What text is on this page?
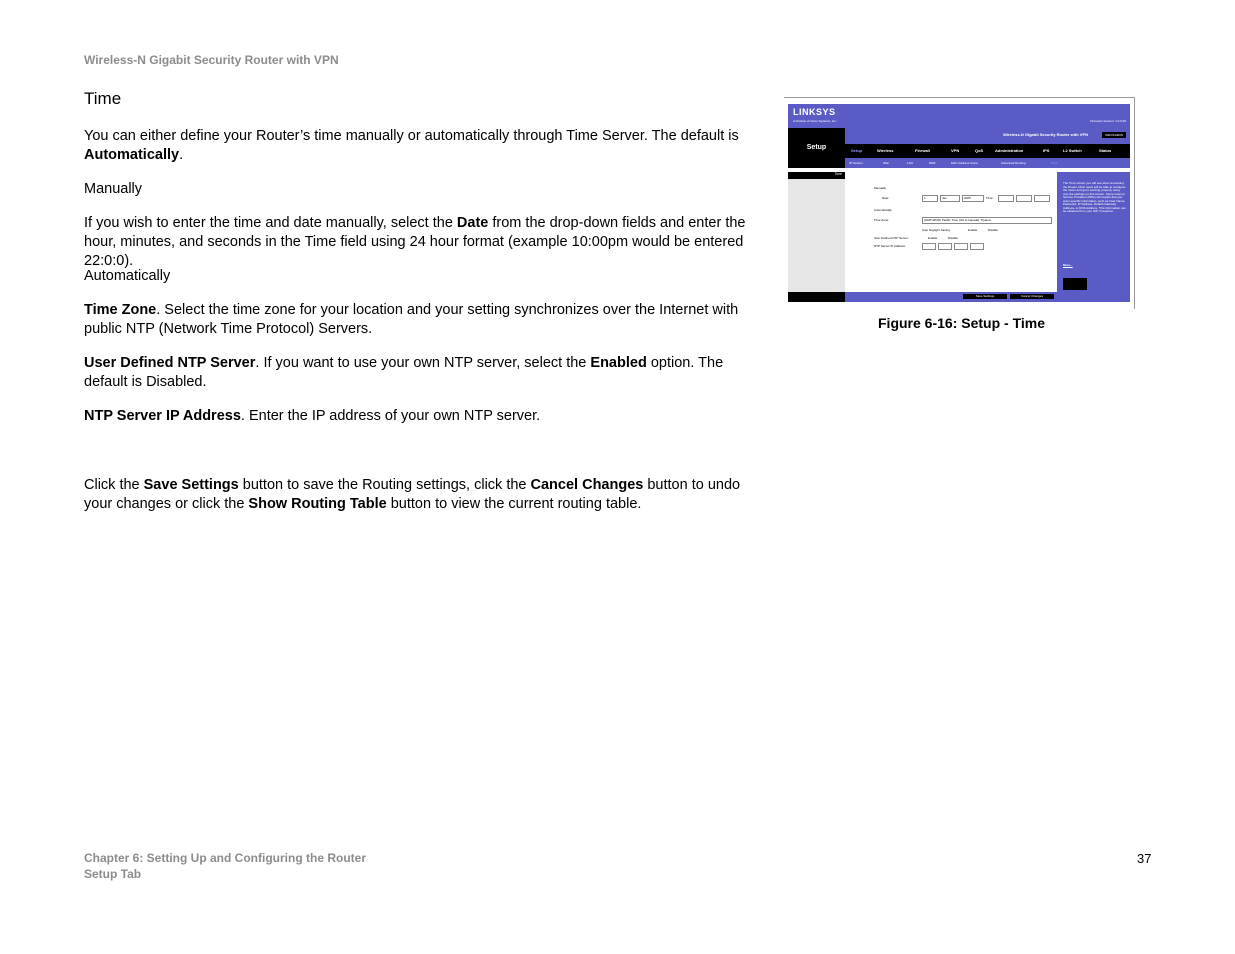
Wireless-N Gigabit Security Router with VPN
Time
You can either define your Router’s time manually or automatically through Time Server. The default is Automatically.
Manually
If you wish to enter the time and date manually, select the Date from the drop-down fields and enter the hour, minutes, and seconds in the Time field using 24 hour format (example 10:00pm would be entered 22:0:0).
Automatically
Time Zone. Select the time zone for your location and your setting synchronizes over the Internet with public NTP (Network Time Protocol) Servers.
User Defined NTP Server. If you want to use your own NTP server, select the Enabled option. The default is Disabled.
NTP Server IP Address. Enter the IP address of your own NTP server.
Click the Save Settings button to save the Routing settings, click the Cancel Changes button to undo your changes or click the Show Routing Table button to view the current routing table.
LINKSYS
A Division of Cisco Systems, Inc.	Firmware Version: 1.0.0.00
Setup
Wireless-N Gigabit Security Router with VPN	WRVS4400N
Setup	Wireless	Firewall	VPN	QoS	Administration	IPS	L2 Switch	Status
IP Version	Wan	LAN	DMZ	MAC Address Clone	Advanced Routing	Time
Time
Manually
Date:	1	Jan	2005	Time:
Automatically
Time Zone:	(GMT-08:00) Pacific Time (US & Canada); Tijuana
Auto Daylight Saving:	Enable	Disable
User Defined NTP Server:	Enable	Disable
NTP Server IP Address:
The Time screen you will see when accessing the Router. Most users will be able to configure the router and get it working properly using only the settings on this screen. Some Internet Service Providers (ISPs) will require that you enter specific information, such as User Name, Password, IP Address, Default Gateway Address, or DNS Address. This information can be obtained from your ISP, if required.
More...
Save Settings	Cancel Changes
Figure 6-16: Setup - Time
Chapter 6: Setting Up and Configuring the Router
Setup Tab
37
